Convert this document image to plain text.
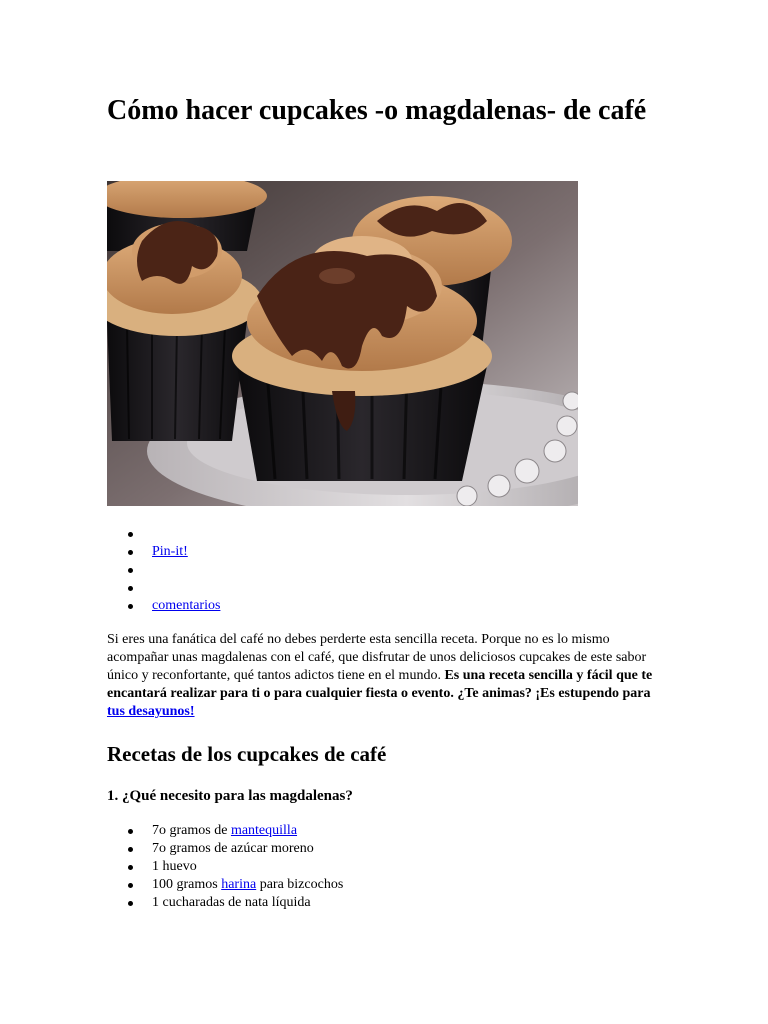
Cómo hacer cupcakes -o magdalenas- de café
Pin-it!
comentarios

Si eres una fanática del café no debes perderte esta sencilla receta. Porque no es lo mismo acompañar unas magdalenas con el café, que disfrutar de unos deliciosos cupcakes de este sabor único y reconfortante, qué tantos adictos tiene en el mundo. Es una receta sencilla y fácil que te encantará realizar para ti o para cualquier fiesta o evento. ¿Te animas? ¡Es estupendo para tus desayunos!

Recetas de los cupcakes de café
1. ¿Qué necesito para las magdalenas?
7o gramos de mantequilla
7o gramos de azúcar moreno
1 huevo
100 gramos harina para bizcochos
1 cucharadas de nata líquida
